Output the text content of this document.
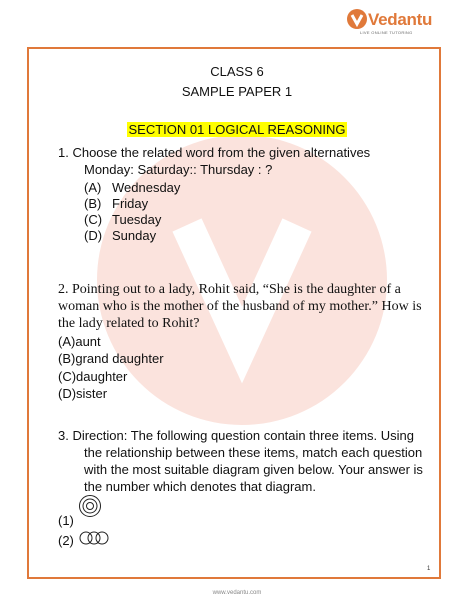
Vedantu
LIVE ONLINE TUTORING
CLASS 6
SAMPLE PAPER 1
SECTION 01 LOGICAL REASONING
1. Choose the related word from the given alternatives
Monday: Saturday:: Thursday : ?
(A) Wednesday
(B) Friday
(C) Tuesday
(D) Sunday
2. Pointing out to a lady, Rohit said, “She is the daughter of a
woman who is the mother of the husband of my mother.” How is
the lady related to Rohit?
(A)aunt
(B)grand daughter
(C)daughter
(D)sister
3. Direction: The following question contain three items. Using
the relationship between these items, match each question
with the most suitable diagram given below. Your answer is
the number which denotes that diagram.
(1)
(2)
1
www.vedantu.com
